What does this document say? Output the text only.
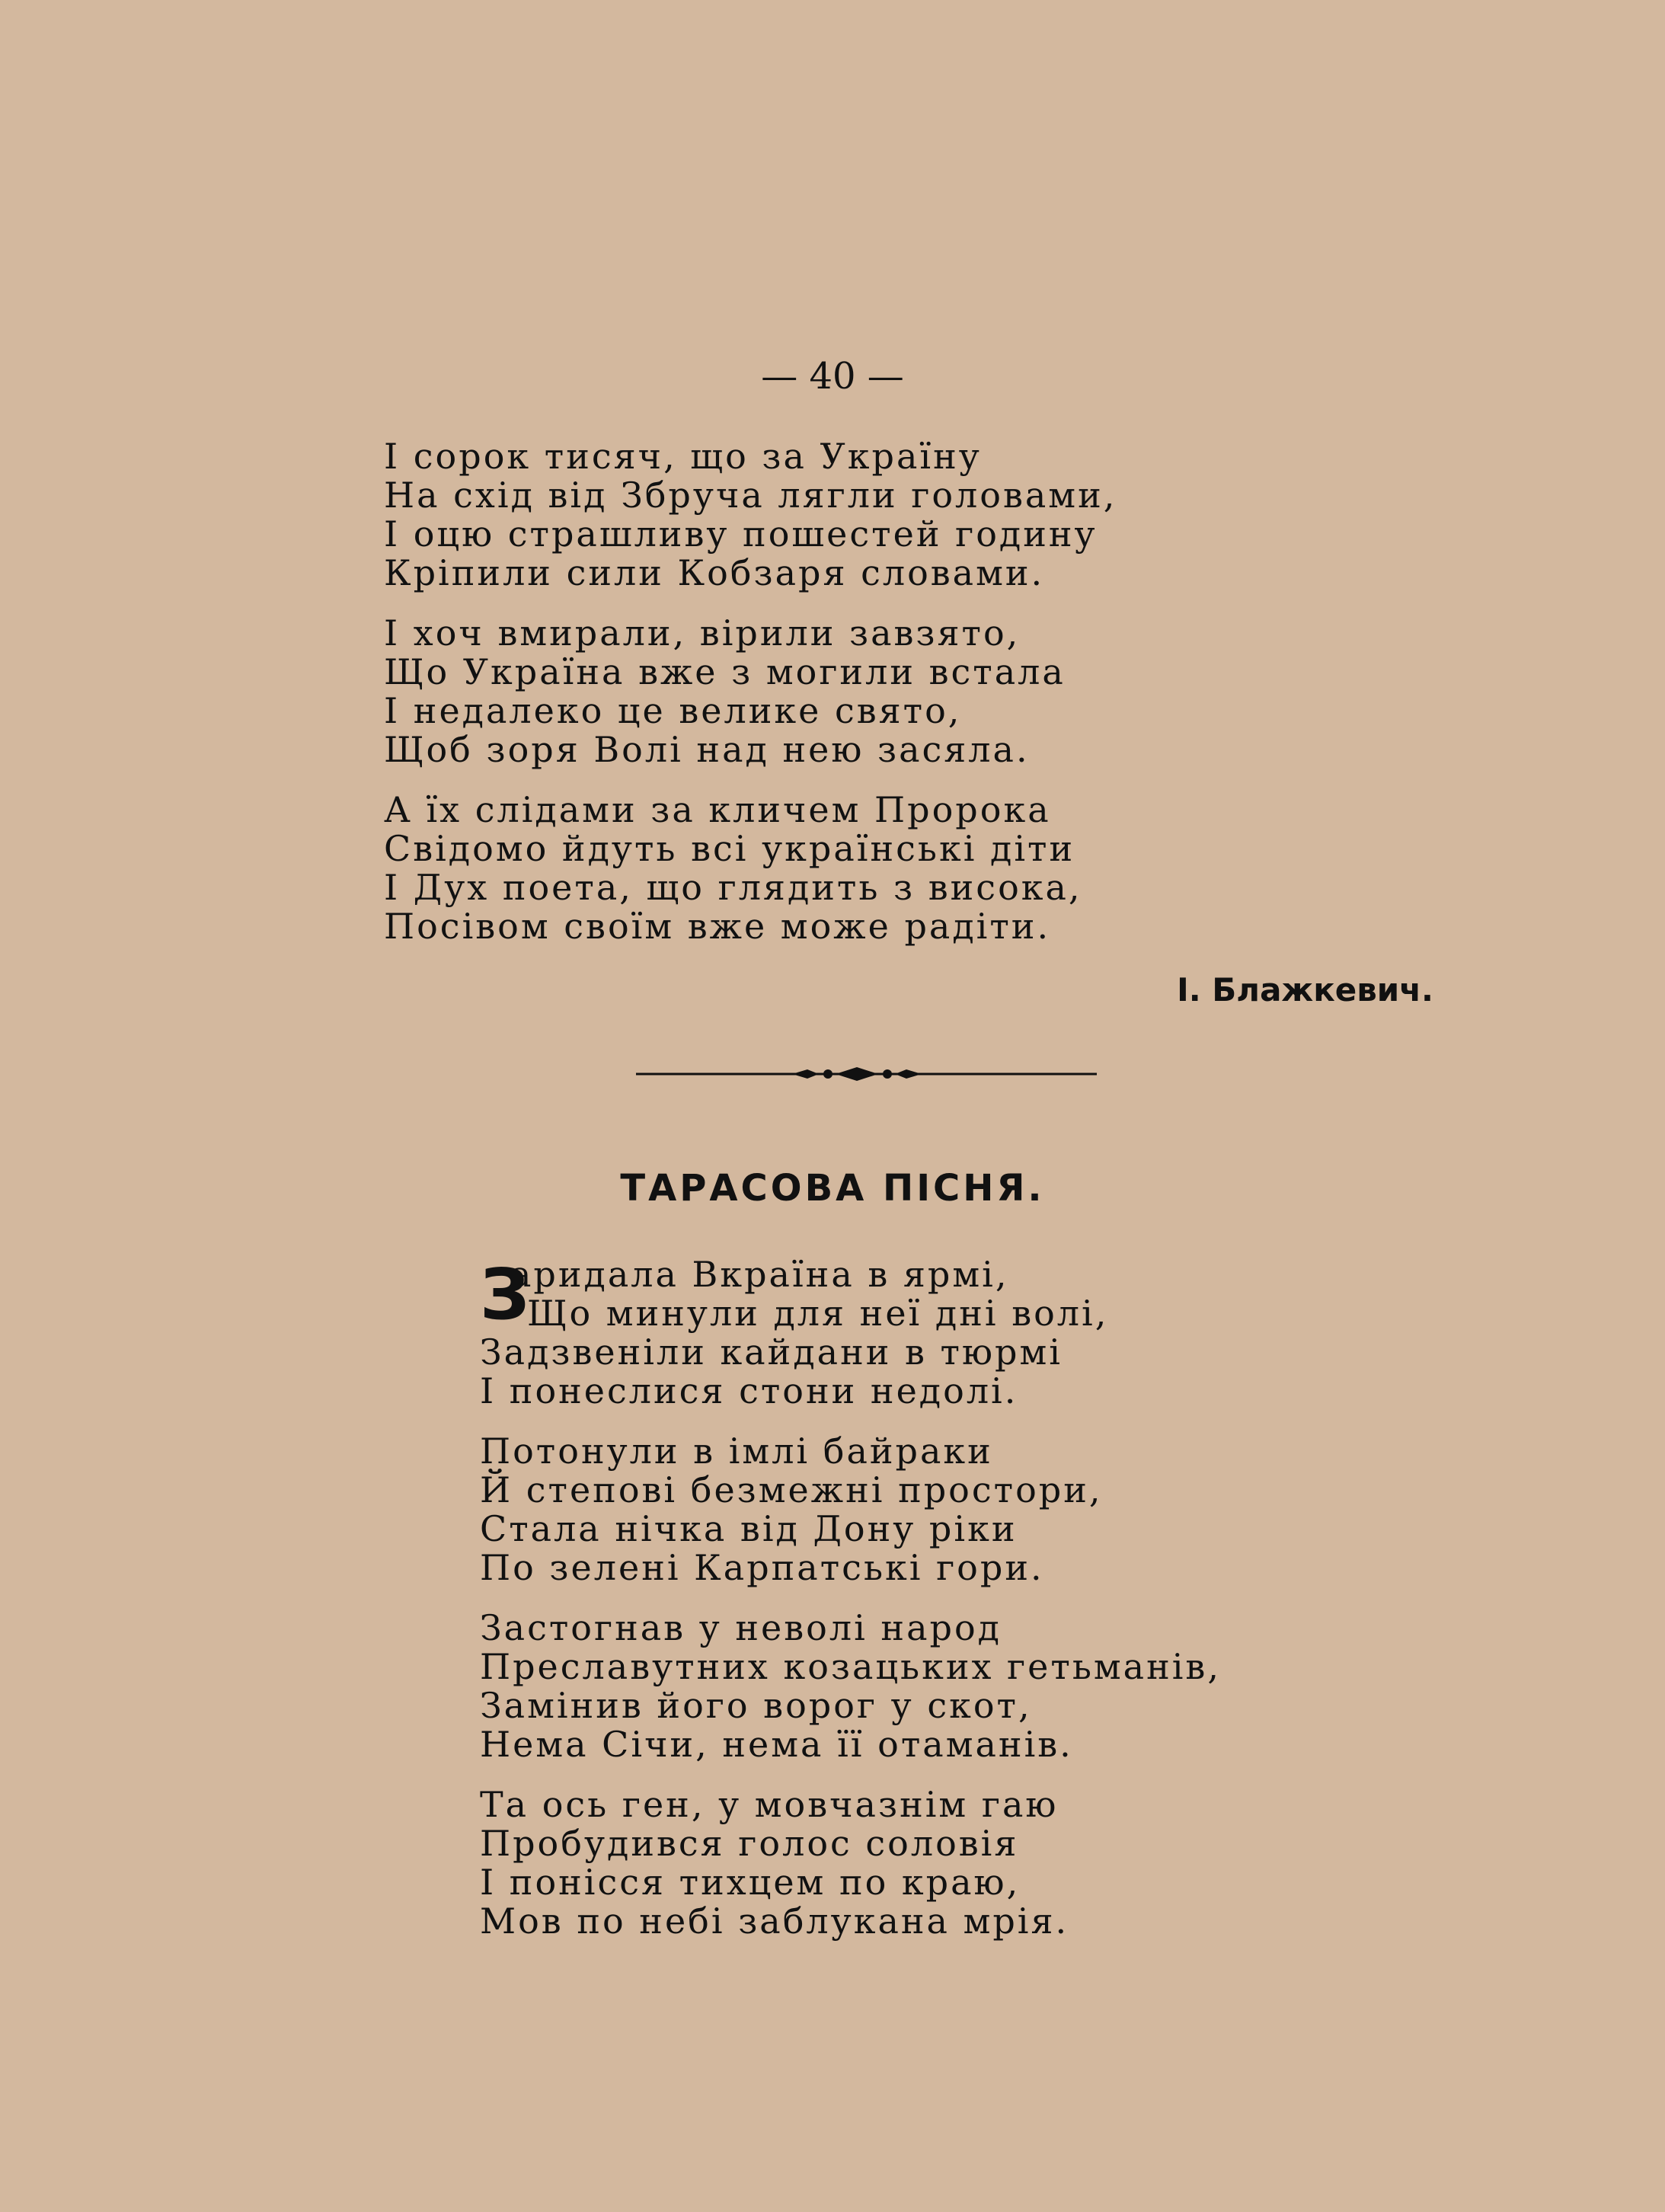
— 40 —
І сорок тисяч, що за Україну
На схід від Збруча лягли головами,
І оцю страшливу пошестей годину
Кріпили сили Кобзаря словами.
І хоч вмирали, вірили завзято,
Що Україна вже з могили встала
І недалеко це велике свято,
Щоб зоря Волі над нею засяла.
А їх слідами за кличем Пророка
Свідомо йдуть всі українські діти
І Дух поета, що глядить з висока,
Посівом своїм вже може радіти.
І. Блажкевич.
ТАРАСОВА ПІСНЯ.
З
аридала Вкраїна в ярмі,
Що минули для неї дні волі,
Задзвеніли кайдани в тюрмі
І понеслися стони недолі.
Потонули в імлі байраки
Й степові безмежні простори,
Стала нічка від Дону ріки
По зелені Карпатські гори.
Застогнав у неволі народ
Преславутних козацьких гетьманів,
Замінив його ворог у скот,
Нема Січи, нема її отаманів.
Та ось ген, у мовчазнім гаю
Пробудився голос соловія
І понісся тихцем по краю,
Мов по небі заблукана мрія.
